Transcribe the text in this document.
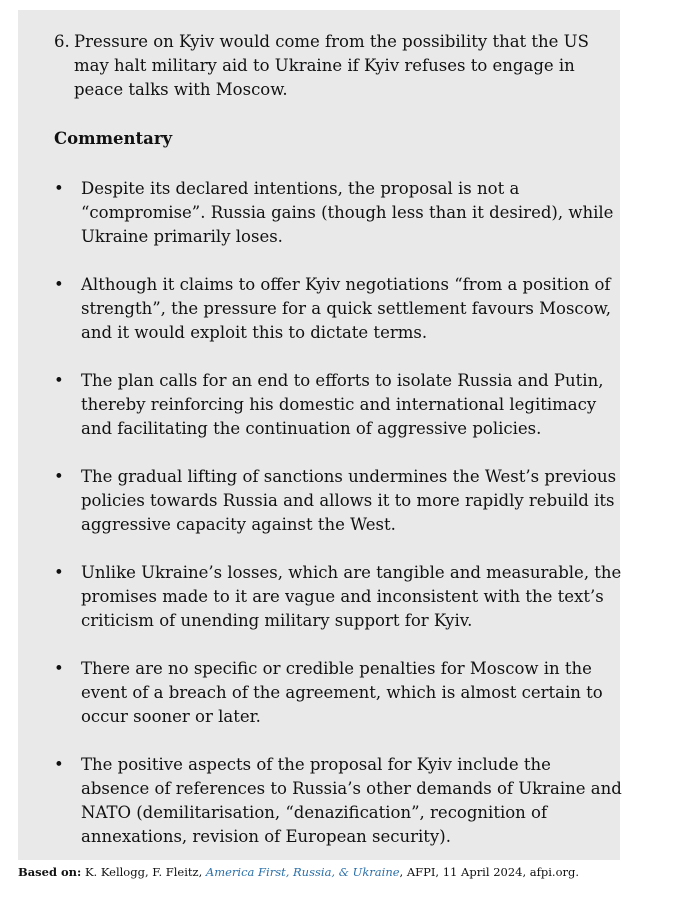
6. Pressure on Kyiv would come from the possibility that the US may halt military aid to Ukraine if Kyiv refuses to engage in peace talks with Moscow.

Commentary
• Despite its declared intentions, the proposal is not a “compromise”. Russia gains (though less than it desired), while Ukraine primarily loses.
• Although it claims to offer Kyiv negotiations “from a position of strength”, the pressure for a quick settlement favours Moscow, and it would exploit this to dictate terms.
• The plan calls for an end to efforts to isolate Russia and Putin, thereby reinforcing his domestic and international legitimacy and facilitating the continuation of aggressive policies.
• The gradual lifting of sanctions undermines the West’s previous policies towards Russia and allows it to more rapidly rebuild its aggressive capacity against the West.
• Unlike Ukraine’s losses, which are tangible and measurable, the promises made to it are vague and inconsistent with the text’s criticism of unending military support for Kyiv.
• There are no specific or credible penalties for Moscow in the event of a breach of the agreement, which is almost certain to occur sooner or later.
• The positive aspects of the proposal for Kyiv include the absence of references to Russia’s other demands of Ukraine and NATO (demilitarisation, “denazification”, recognition of annexations, revision of European security).
Based on: K. Kellogg, F. Fleitz, America First, Russia, & Ukraine, AFPI, 11 April 2024, afpi.org.
